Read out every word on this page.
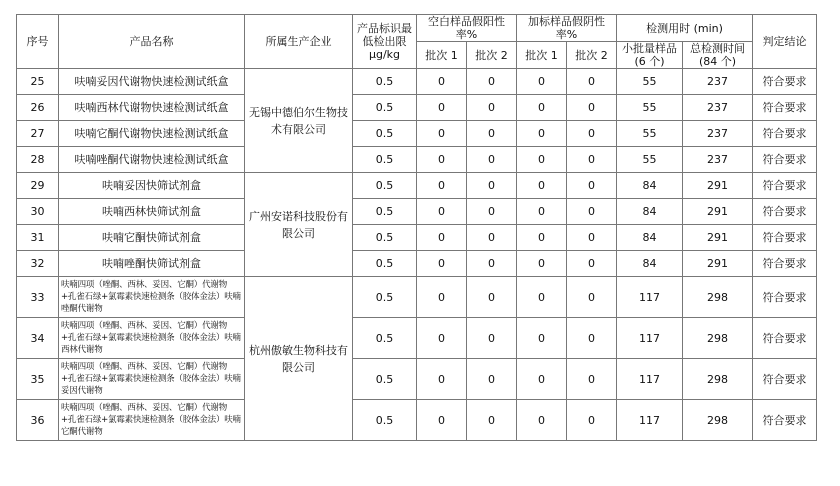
序号	产品名称	所属生产企业	产品标识最低检出限μg/kg	空白样品假阳性率%		加标样品假阴性率%		检测用时 (min)		判定结论
				批次 1	批次 2	批次 1	批次 2	小批量样品(6 个)	总检测时间(84 个)	
25	呋喃妥因代谢物快速检测试纸盒	无锡中德伯尔生物技术有限公司	0.5	0	0	0	0	55	237	符合要求
26	呋喃西林代谢物快速检测试纸盒		0.5	0	0	0	0	55	237	符合要求
27	呋喃它酮代谢物快速检测试纸盒		0.5	0	0	0	0	55	237	符合要求
28	呋喃唑酮代谢物快速检测试纸盒		0.5	0	0	0	0	55	237	符合要求
29	呋喃妥因快筛试剂盒	广州安诺科技股份有限公司	0.5	0	0	0	0	84	291	符合要求
30	呋喃西林快筛试剂盒		0.5	0	0	0	0	84	291	符合要求
31	呋喃它酮快筛试剂盒		0.5	0	0	0	0	84	291	符合要求
32	呋喃唑酮快筛试剂盒		0.5	0	0	0	0	84	291	符合要求
33	呋喃四项（唑酮、西林、妥因、它酮）代谢物+孔雀石绿+氯霉素快速检测条（胶体金法）呋喃唑酮代谢物	杭州傲敏生物科技有限公司	0.5	0	0	0	0	117	298	符合要求
34	呋喃四项（唑酮、西林、妥因、它酮）代谢物+孔雀石绿+氯霉素快速检测条（胶体金法）呋喃西林代谢物		0.5	0	0	0	0	117	298	符合要求
35	呋喃四项（唑酮、西林、妥因、它酮）代谢物+孔雀石绿+氯霉素快速检测条（胶体金法）呋喃妥因代谢物		0.5	0	0	0	0	117	298	符合要求
36	呋喃四项（唑酮、西林、妥因、它酮）代谢物+孔雀石绿+氯霉素快速检测条（胶体金法）呋喃它酮代谢物		0.5	0	0	0	0	117	298	符合要求
